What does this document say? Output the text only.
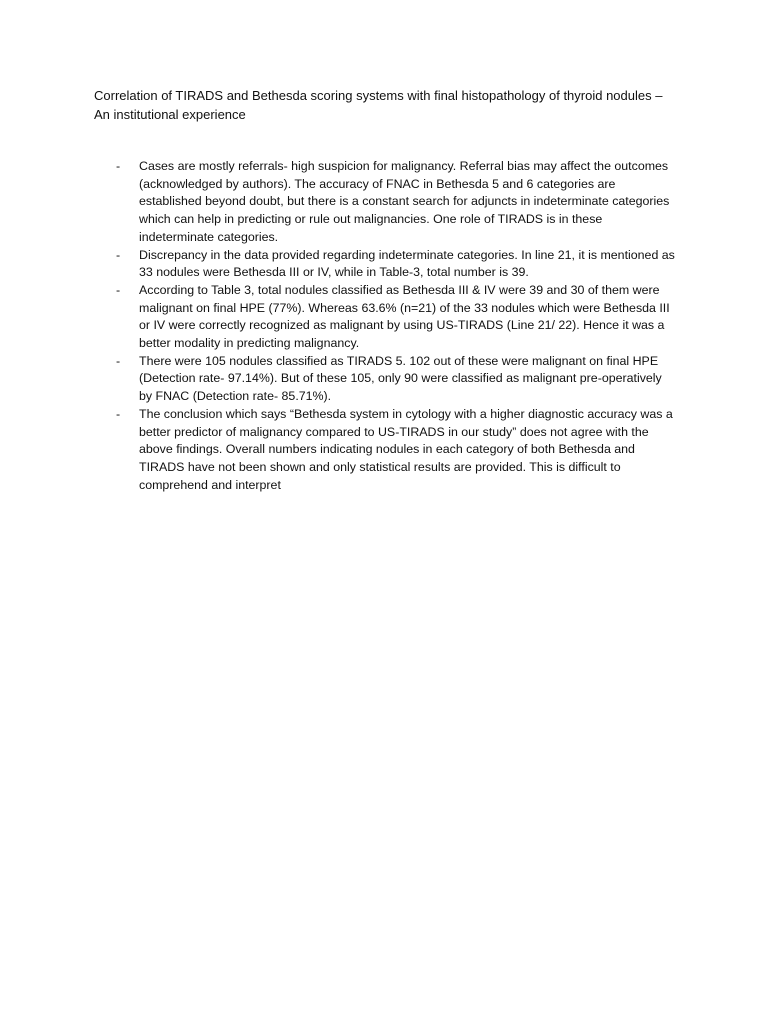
Correlation of TIRADS and Bethesda scoring systems with final histopathology of thyroid nodules –
An institutional experience
- Cases are mostly referrals- high suspicion for malignancy. Referral bias may affect the outcomes (acknowledged by authors). The accuracy of FNAC in Bethesda 5 and 6 categories are established beyond doubt, but there is a constant search for adjuncts in indeterminate categories which can help in predicting or rule out malignancies. One role of TIRADS is in these indeterminate categories.
- Discrepancy in the data provided regarding indeterminate categories. In line 21, it is mentioned as 33 nodules were Bethesda III or IV, while in Table-3, total number is 39.
- According to Table 3, total nodules classified as Bethesda III & IV were 39 and 30 of them were malignant on final HPE (77%). Whereas 63.6% (n=21) of the 33 nodules which were Bethesda III or IV were correctly recognized as malignant by using US-TIRADS (Line 21/ 22). Hence it was a better modality in predicting malignancy.
- There were 105 nodules classified as TIRADS 5. 102 out of these were malignant on final HPE (Detection rate- 97.14%). But of these 105, only 90 were classified as malignant pre-operatively by FNAC (Detection rate- 85.71%).
- The conclusion which says “Bethesda system in cytology with a higher diagnostic accuracy was a better predictor of malignancy compared to US-TIRADS in our study” does not agree with the above findings. Overall numbers indicating nodules in each category of both Bethesda and TIRADS have not been shown and only statistical results are provided. This is difficult to comprehend and interpret
